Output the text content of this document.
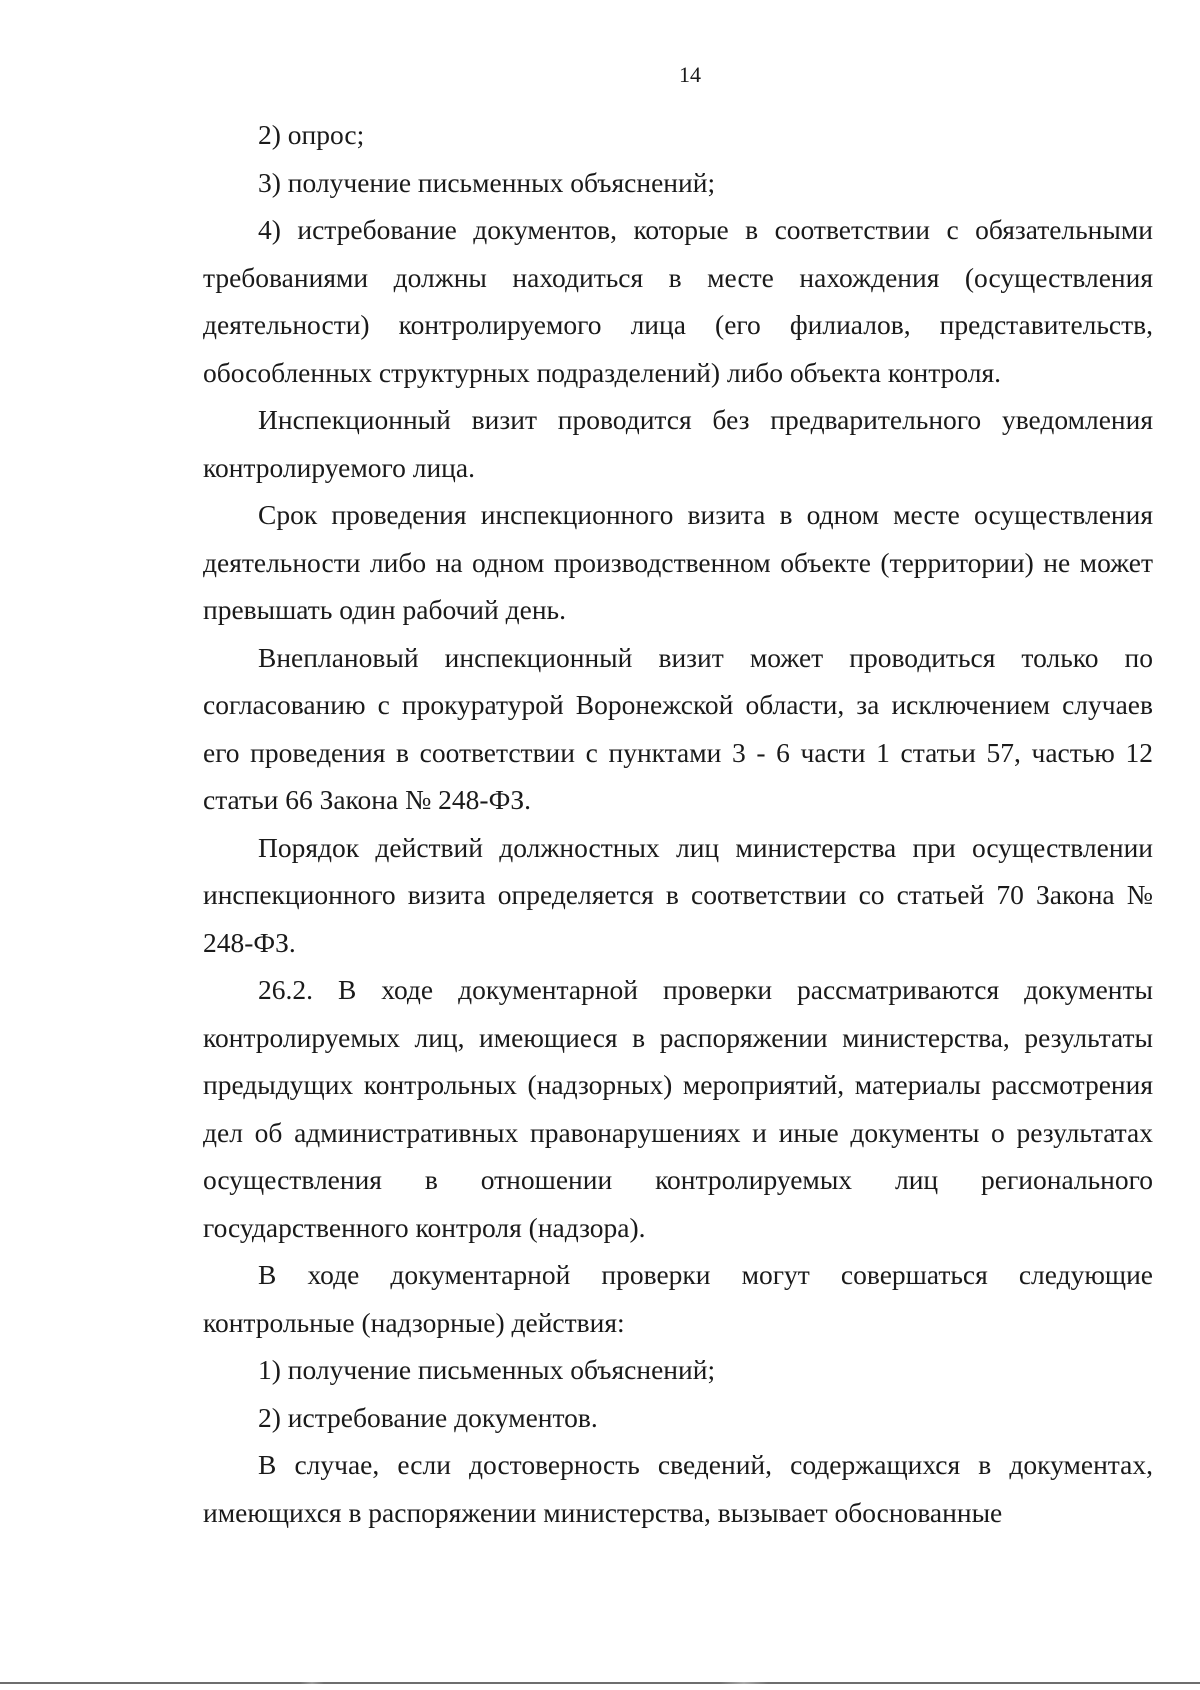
14

2) опрос;

3) получение письменных объяснений;

4) истребование документов, которые в соответствии с обязательными требованиями должны находиться в месте нахождения (осуществления деятельности) контролируемого лица (его филиалов, представительств, обособленных структурных подразделений) либо объекта контроля.

Инспекционный визит проводится без предварительного уведомления контролируемого лица.

Срок проведения инспекционного визита в одном месте осуществления деятельности либо на одном производственном объекте (территории) не может превышать один рабочий день.

Внеплановый инспекционный визит может проводиться только по согласованию с прокуратурой Воронежской области, за исключением случаев его проведения в соответствии с пунктами 3 - 6 части 1 статьи 57, частью 12 статьи 66 Закона № 248-ФЗ.

Порядок действий должностных лиц министерства при осуществлении инспекционного визита определяется в соответствии со статьей 70 Закона № 248-ФЗ.

26.2. В ходе документарной проверки рассматриваются документы контролируемых лиц, имеющиеся в распоряжении министерства, результаты предыдущих контрольных (надзорных) мероприятий, материалы рассмотрения дел об административных правонарушениях и иные документы о результатах осуществления в отношении контролируемых лиц регионального государственного контроля (надзора).

В ходе документарной проверки могут совершаться следующие контрольные (надзорные) действия:

1) получение письменных объяснений;

2) истребование документов.

В случае, если достоверность сведений, содержащихся в документах, имеющихся в распоряжении министерства, вызывает обоснованные
